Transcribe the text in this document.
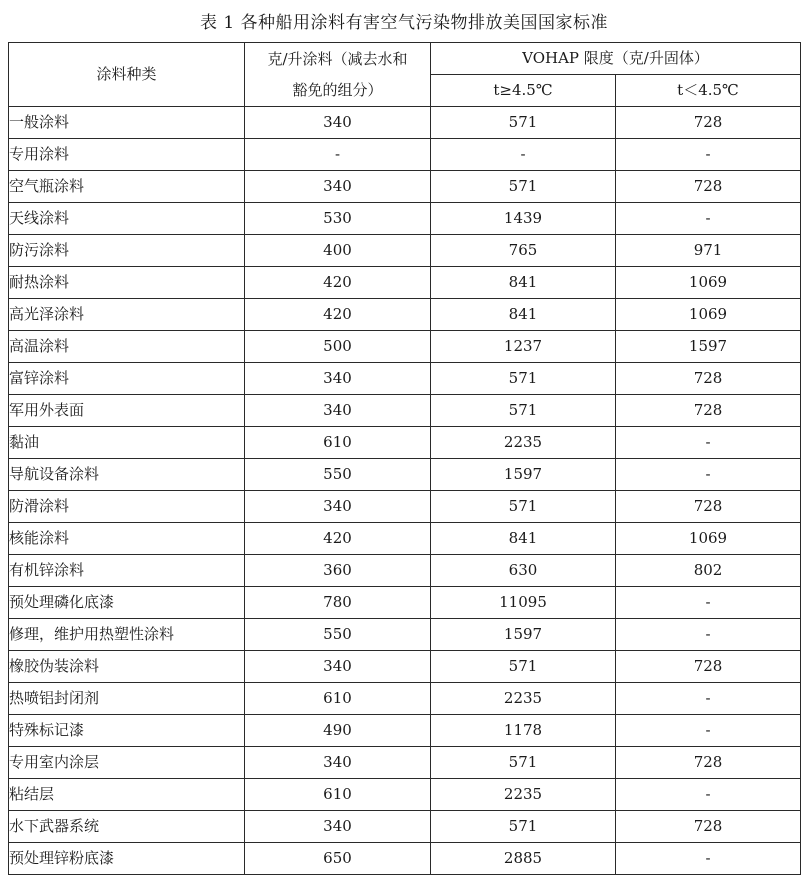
表 1 各种船用涂料有害空气污染物排放美国国家标准
涂料种类	克/升涂料（减去水和
豁免的组分）	VOHAP 限度（克/升固体）	
		t≥4.5℃	t＜4.5℃
一般涂料	340	571	728
专用涂料	-	-	-
空气瓶涂料	340	571	728
天线涂料	530	1439	-
防污涂料	400	765	971
耐热涂料	420	841	1069
高光泽涂料	420	841	1069
高温涂料	500	1237	1597
富锌涂料	340	571	728
军用外表面	340	571	728
黏油	610	2235	-
导航设备涂料	550	1597	-
防滑涂料	340	571	728
核能涂料	420	841	1069
有机锌涂料	360	630	802
预处理磷化底漆	780	11095	-
修理，维护用热塑性涂料	550	1597	-
橡胶伪装涂料	340	571	728
热喷铝封闭剂	610	2235	-
特殊标记漆	490	1178	-
专用室内涂层	340	571	728
粘结层	610	2235	-
水下武器系统	340	571	728
预处理锌粉底漆	650	2885	-
